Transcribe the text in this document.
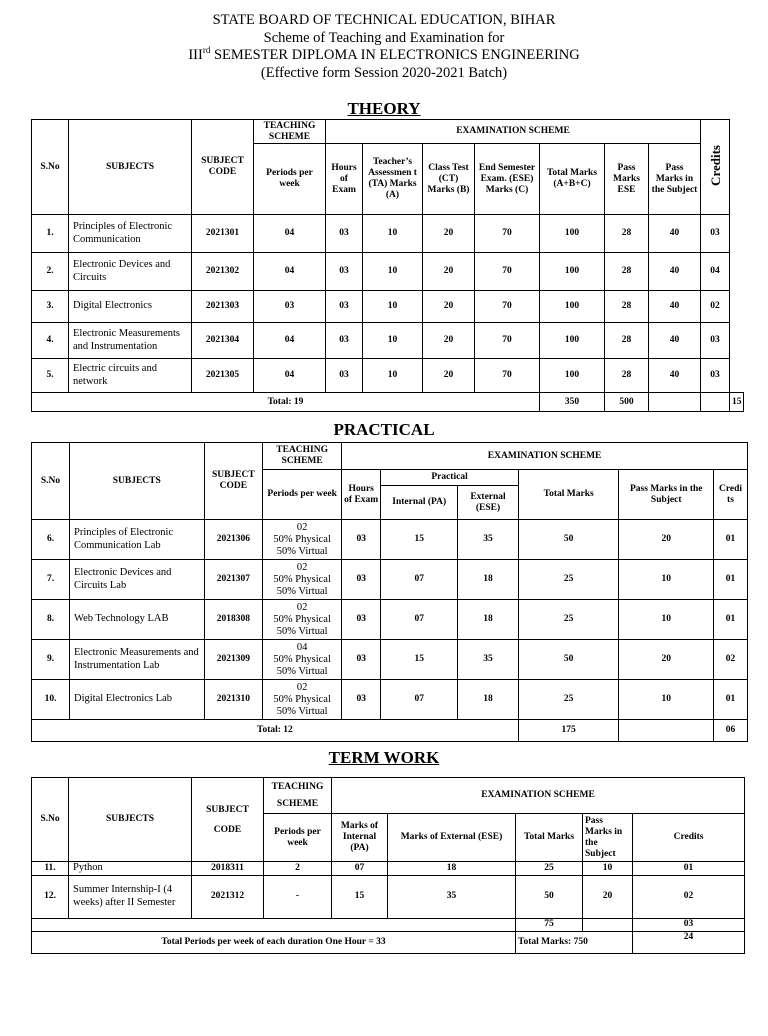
STATE BOARD OF TECHNICAL EDUCATION, BIHAR
Scheme of Teaching and Examination for
IIIrd SEMESTER DIPLOMA IN ELECTRONICS ENGINEERING
(Effective form Session 2020-2021 Batch)
THEORY
S.No	SUBJECTS	SUBJECT CODE	TEACHING SCHEME	EXAMINATION SCHEME							Credits	
			Periods per week	Hours of Exam	Teacher’s Assessmen t (TA) Marks (A)	Class Test (CT) Marks (B)	End Semester Exam. (ESE) Marks (C)	Total Marks (A+B+C)	Pass Marks ESE	Pass Marks in the Subject		
1.	Principles of Electronic Communication	2021301	04	03	10	20	70	100	28	40	03	
2.	Electronic Devices and Circuits	2021302	04	03	10	20	70	100	28	40	04	
3.	Digital Electronics	2021303	03	03	10	20	70	100	28	40	02	
4.	Electronic Measurements and Instrumentation	2021304	04	03	10	20	70	100	28	40	03	
5.	Electric circuits and network	2021305	04	03	10	20	70	100	28	40	03	
Total: 19								350	500			15
PRACTICAL
S.No	SUBJECTS	SUBJECT CODE	TEACHING SCHEME	EXAMINATION SCHEME					
			Periods per week	Hours of Exam	Practical		Total Marks	Pass Marks in the Subject	Credi ts
					Internal (PA)	External (ESE)			
6.	Principles of Electronic Communication Lab	2021306	02
50% Physical
50% Virtual	03	15	35	50	20	01
7.	Electronic Devices and Circuits Lab	2021307	02
50% Physical
50% Virtual	03	07	18	25	10	01
8.	Web Technology LAB	2018308	02
50% Physical
50% Virtual	03	07	18	25	10	01
9.	Electronic Measurements and Instrumentation Lab	2021309	04
50% Physical
50% Virtual	03	15	35	50	20	02
10.	Digital Electronics Lab	2021310	02
50% Physical
50% Virtual	03	07	18	25	10	01
Total: 12							175		06
TERM WORK
S.No	SUBJECTS	SUBJECT CODE	TEACHING SCHEME	EXAMINATION SCHEME				
			Periods per week	Marks of Internal (PA)	Marks of External (ESE)	Total Marks	Pass Marks in the Subject	Credits
11.	Python	2018311	2	07	18	25	10	01
12.	Summer Internship-I (4 weeks) after II Semester	2021312	-	15	35	50	20	02
						75		03
Total Periods per week of each duration One Hour = 33						Total Marks: 750		24
